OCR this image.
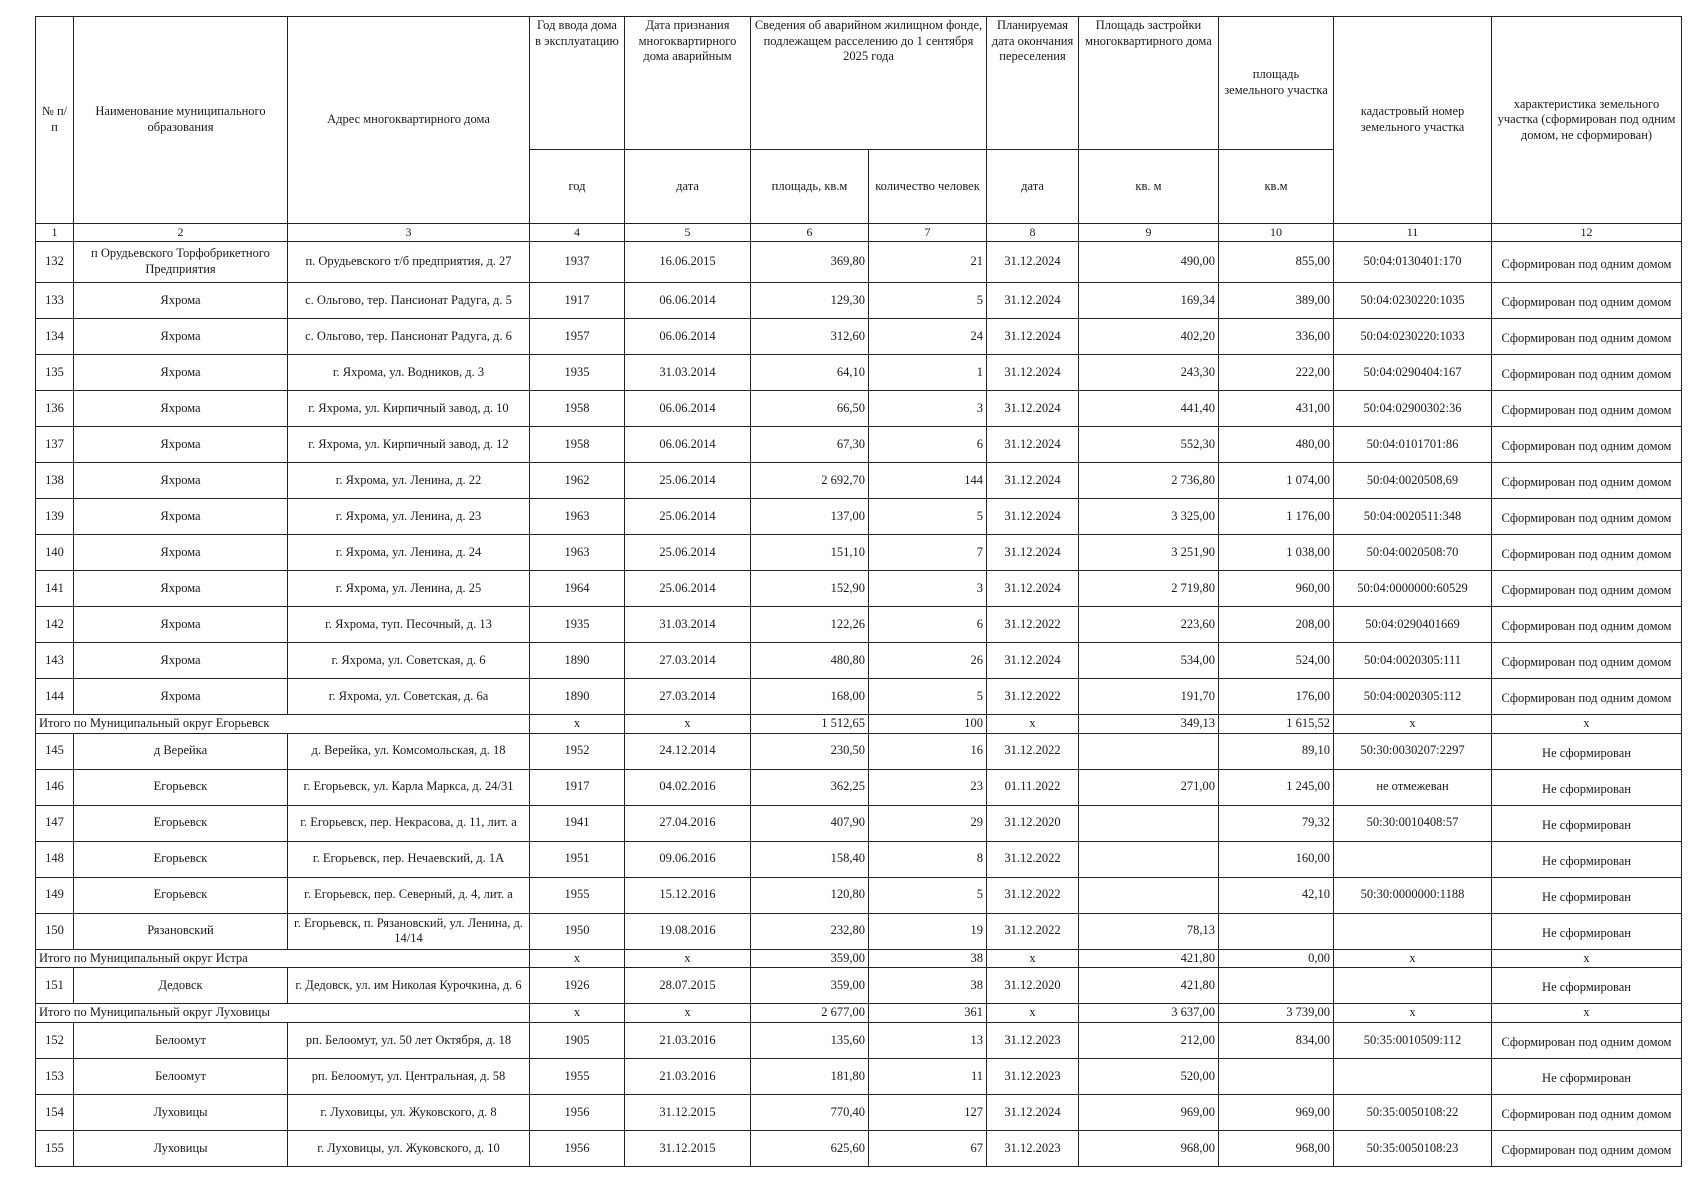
№ п/п	Наименование муниципального образования	Адрес многоквартирного дома	Год ввода дома в эксплуатацию	Дата признания многоквартирного дома аварийным	Сведения об аварийном жилищном фонде, подлежащем расселению до 1 сентября 2025 года		Планируемая дата окончания переселения	Площадь застройки многоквартирного дома	площадь земельного участка	кадастровый номер земельного участка	характеристика земельного участка (сформирован под одним домом, не сформирован)
			год	дата	площадь, кв.м	количество человек	дата	кв. м	кв.м		
1	2	3	4	5	6	7	8	9	10	11	12
132	п Орудьевского Торфобрикетного Предприятия	п. Орудьевского т/б предприятия, д. 27	1937	16.06.2015	369,80	21	31.12.2024	490,00	855,00	50:04:0130401:170	Сформирован под одним домом
133	Яхрома	с. Ольгово, тер. Пансионат Радуга, д. 5	1917	06.06.2014	129,30	5	31.12.2024	169,34	389,00	50:04:0230220:1035	Сформирован под одним домом
134	Яхрома	с. Ольгово, тер. Пансионат Радуга, д. 6	1957	06.06.2014	312,60	24	31.12.2024	402,20	336,00	50:04:0230220:1033	Сформирован под одним домом
135	Яхрома	г. Яхрома, ул. Водников, д. 3	1935	31.03.2014	64,10	1	31.12.2024	243,30	222,00	50:04:0290404:167	Сформирован под одним домом
136	Яхрома	г. Яхрома, ул. Кирпичный завод, д. 10	1958	06.06.2014	66,50	3	31.12.2024	441,40	431,00	50:04:02900302:36	Сформирован под одним домом
137	Яхрома	г. Яхрома, ул. Кирпичный завод, д. 12	1958	06.06.2014	67,30	6	31.12.2024	552,30	480,00	50:04:0101701:86	Сформирован под одним домом
138	Яхрома	г. Яхрома, ул. Ленина, д. 22	1962	25.06.2014	2 692,70	144	31.12.2024	2 736,80	1 074,00	50:04:0020508,69	Сформирован под одним домом
139	Яхрома	г. Яхрома, ул. Ленина, д. 23	1963	25.06.2014	137,00	5	31.12.2024	3 325,00	1 176,00	50:04:0020511:348	Сформирован под одним домом
140	Яхрома	г. Яхрома, ул. Ленина, д. 24	1963	25.06.2014	151,10	7	31.12.2024	3 251,90	1 038,00	50:04:0020508:70	Сформирован под одним домом
141	Яхрома	г. Яхрома, ул. Ленина, д. 25	1964	25.06.2014	152,90	3	31.12.2024	2 719,80	960,00	50:04:0000000:60529	Сформирован под одним домом
142	Яхрома	г. Яхрома, туп. Песочный, д. 13	1935	31.03.2014	122,26	6	31.12.2022	223,60	208,00	50:04:0290401669	Сформирован под одним домом
143	Яхрома	г. Яхрома, ул. Советская, д. 6	1890	27.03.2014	480,80	26	31.12.2024	534,00	524,00	50:04:0020305:111	Сформирован под одним домом
144	Яхрома	г. Яхрома, ул. Советская, д. 6а	1890	27.03.2014	168,00	5	31.12.2022	191,70	176,00	50:04:0020305:112	Сформирован под одним домом
Итого по Муниципальный округ Егорьевск			х	х	1 512,65	100	х	349,13	1 615,52	х	х
145	д Верейка	д. Верейка, ул. Комсомольская, д. 18	1952	24.12.2014	230,50	16	31.12.2022		89,10	50:30:0030207:2297	Не сформирован
146	Егорьевск	г. Егорьевск, ул. Карла Маркса, д. 24/31	1917	04.02.2016	362,25	23	01.11.2022	271,00	1 245,00	не отмежеван	Не сформирован
147	Егорьевск	г. Егорьевск, пер. Некрасова, д. 11, лит. а	1941	27.04.2016	407,90	29	31.12.2020		79,32	50:30:0010408:57	Не сформирован
148	Егорьевск	г. Егорьевск, пер. Нечаевский, д. 1А	1951	09.06.2016	158,40	8	31.12.2022		160,00		Не сформирован
149	Егорьевск	г. Егорьевск, пер. Северный, д. 4, лит. а	1955	15.12.2016	120,80	5	31.12.2022		42,10	50:30:0000000:1188	Не сформирован
150	Рязановский	г. Егорьевск, п. Рязановский, ул. Ленина, д. 14/14	1950	19.08.2016	232,80	19	31.12.2022	78,13			Не сформирован
Итого по Муниципальный округ Истра			х	х	359,00	38	х	421,80	0,00	х	х
151	Дедовск	г. Дедовск, ул. им Николая Курочкина, д. 6	1926	28.07.2015	359,00	38	31.12.2020	421,80			Не сформирован
Итого по Муниципальный округ Луховицы			х	х	2 677,00	361	х	3 637,00	3 739,00	х	х
152	Белоомут	рп. Белоомут, ул. 50 лет Октября, д. 18	1905	21.03.2016	135,60	13	31.12.2023	212,00	834,00	50:35:0010509:112	Сформирован под одним домом
153	Белоомут	рп. Белоомут, ул. Центральная, д. 58	1955	21.03.2016	181,80	11	31.12.2023	520,00			Не сформирован
154	Луховицы	г. Луховицы, ул. Жуковского, д. 8	1956	31.12.2015	770,40	127	31.12.2024	969,00	969,00	50:35:0050108:22	Сформирован под одним домом
155	Луховицы	г. Луховицы, ул. Жуковского, д. 10	1956	31.12.2015	625,60	67	31.12.2023	968,00	968,00	50:35:0050108:23	Сформирован под одним домом
